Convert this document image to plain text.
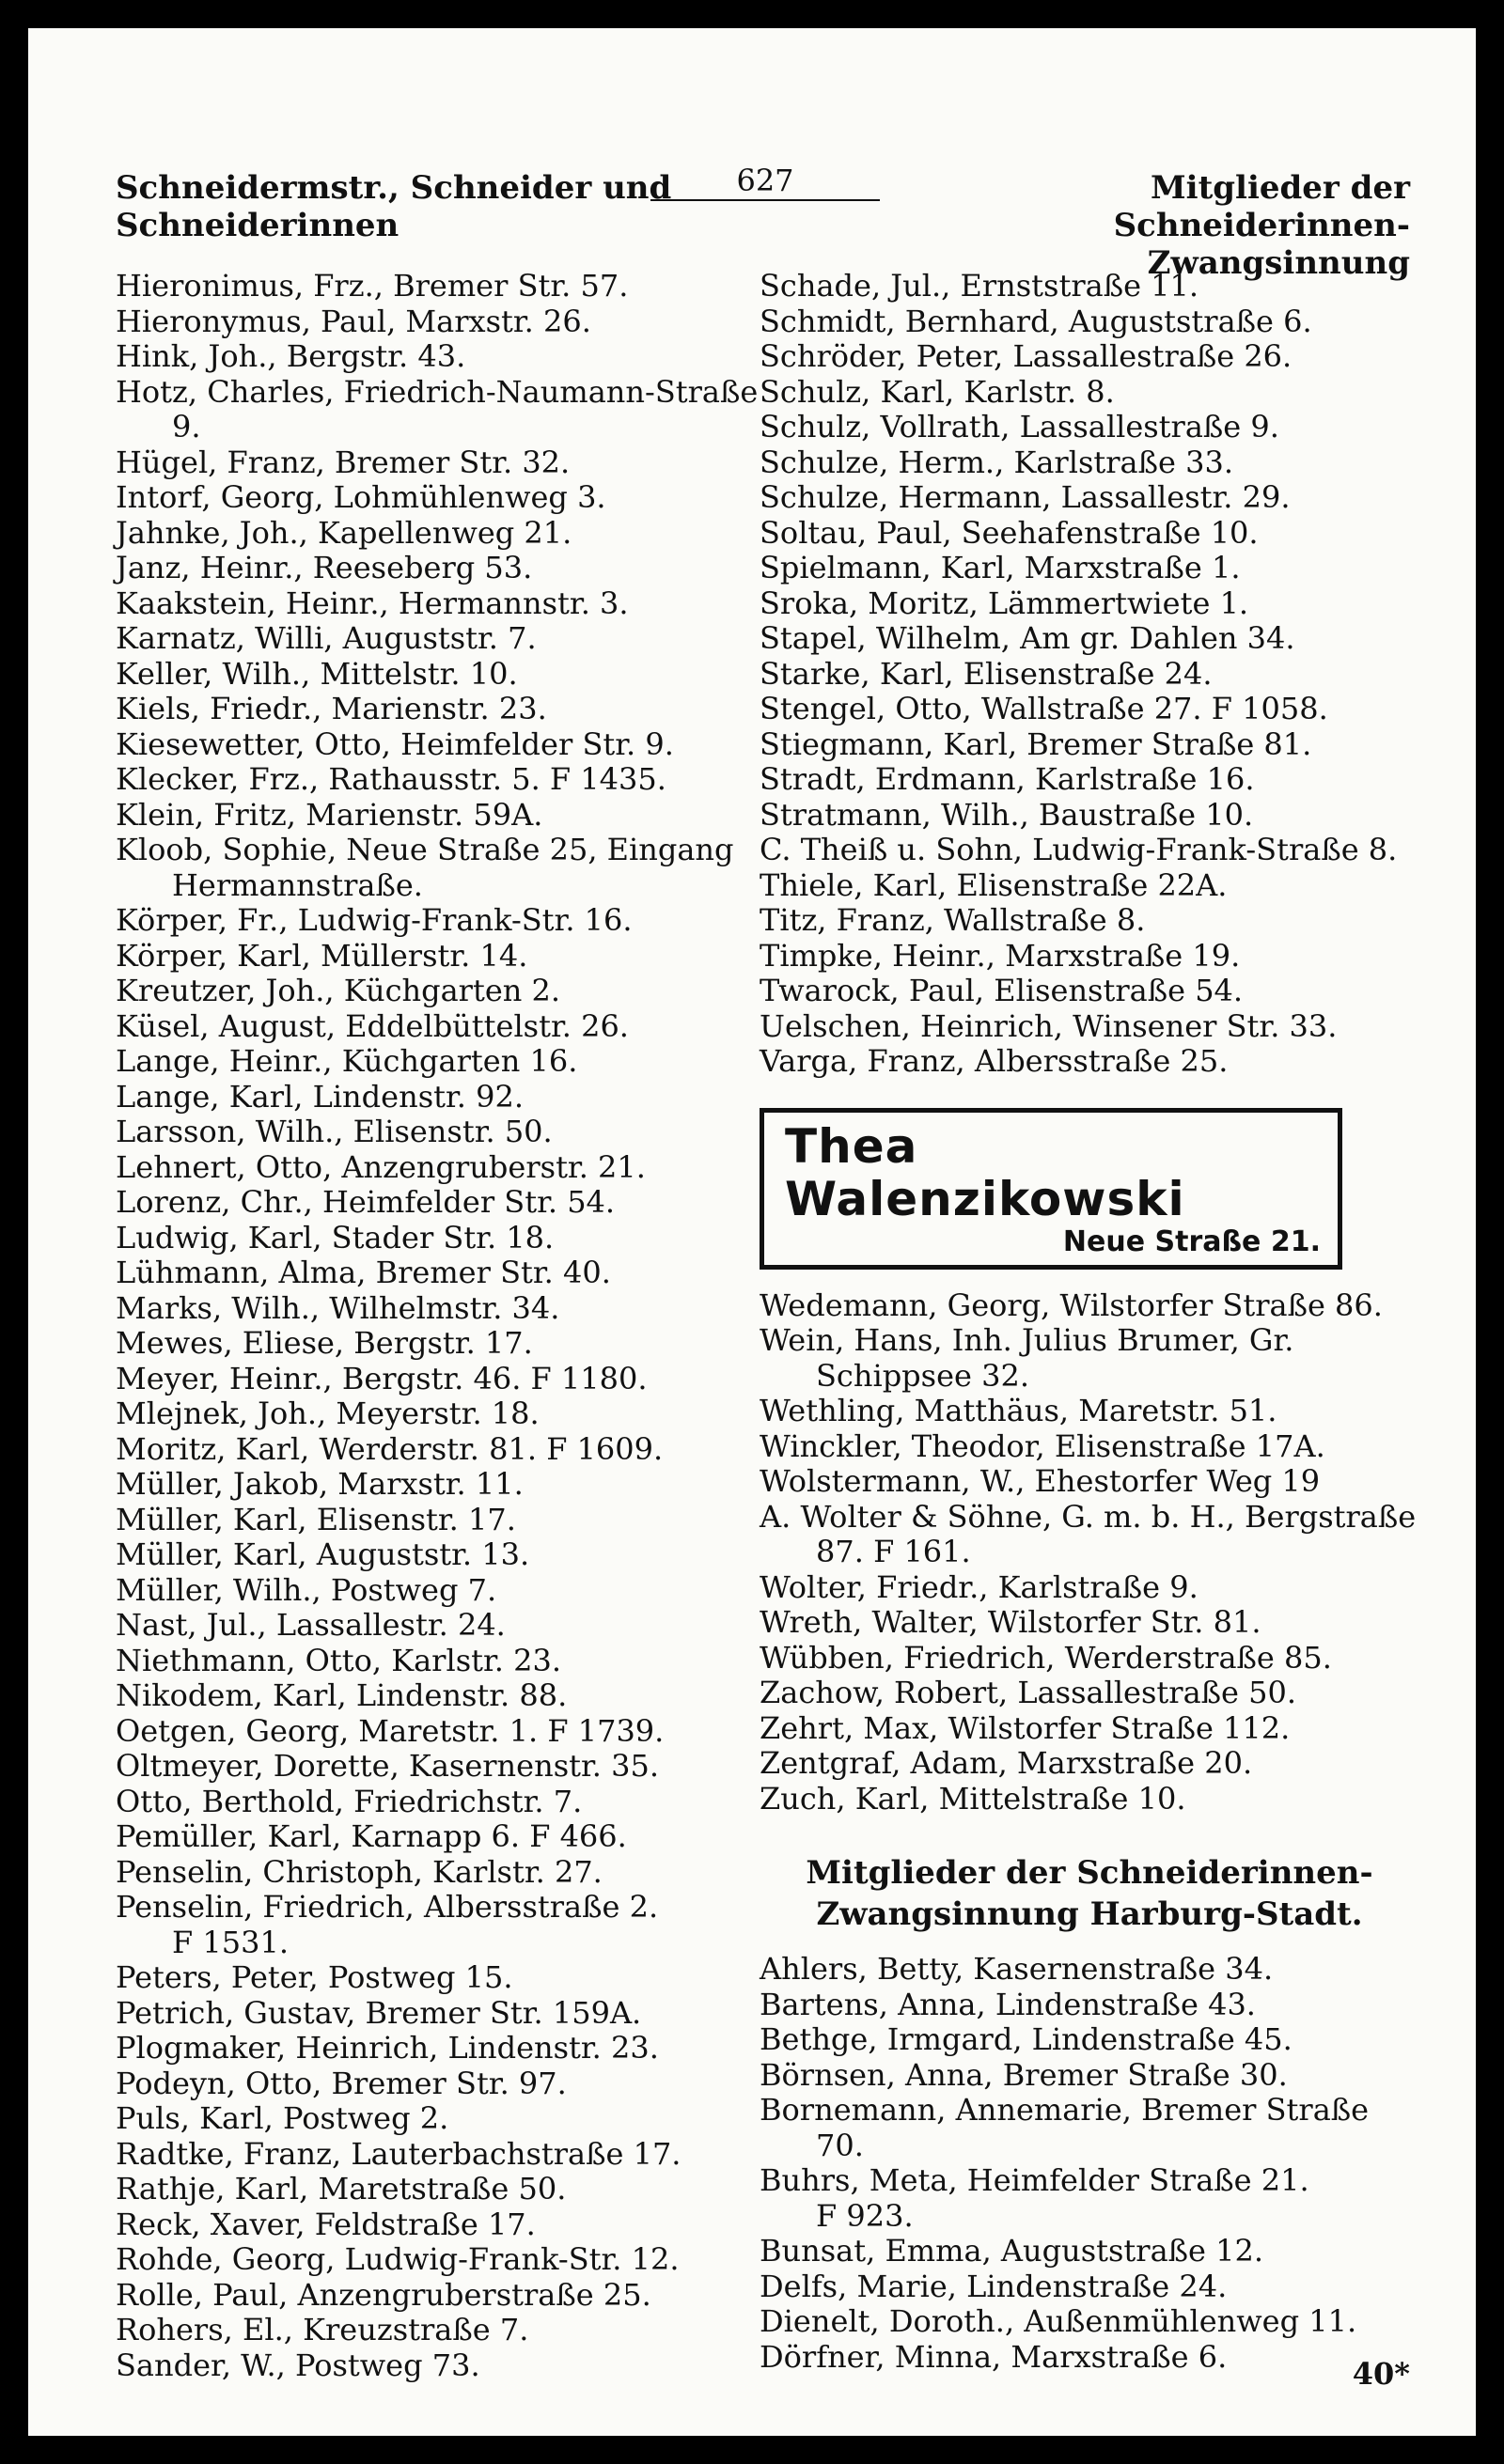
Schneidermstr., Schneider und Schneiderinnen
627	Mitglieder der Schneiderinnen-Zwangsinnung
Hieronimus, Frz., Bremer Str. 57.
Hieronymus, Paul, Marxstr. 26.
Hink, Joh., Bergstr. 43.
Hotz, Charles, Friedrich-Naumann-Straße 9.
Hügel, Franz, Bremer Str. 32.
Intorf, Georg, Lohmühlenweg 3.
Jahnke, Joh., Kapellenweg 21.
Janz, Heinr., Reeseberg 53.
Kaakstein, Heinr., Hermannstr. 3.
Karnatz, Willi, Auguststr. 7.
Keller, Wilh., Mittelstr. 10.
Kiels, Friedr., Marienstr. 23.
Kiesewetter, Otto, Heimfelder Str. 9.
Klecker, Frz., Rathausstr. 5. F 1435.
Klein, Fritz, Marienstr. 59A.
Kloob, Sophie, Neue Straße 25, Eingang Hermannstraße.
Körper, Fr., Ludwig-Frank-Str. 16.
Körper, Karl, Müllerstr. 14.
Kreutzer, Joh., Küchgarten 2.
Küsel, August, Eddelbüttelstr. 26.
Lange, Heinr., Küchgarten 16.
Lange, Karl, Lindenstr. 92.
Larsson, Wilh., Elisenstr. 50.
Lehnert, Otto, Anzengruberstr. 21.
Lorenz, Chr., Heimfelder Str. 54.
Ludwig, Karl, Stader Str. 18.
Lühmann, Alma, Bremer Str. 40.
Marks, Wilh., Wilhelmstr. 34.
Mewes, Eliese, Bergstr. 17.
Meyer, Heinr., Bergstr. 46. F 1180.
Mlejnek, Joh., Meyerstr. 18.
Moritz, Karl, Werderstr. 81. F 1609.
Müller, Jakob, Marxstr. 11.
Müller, Karl, Elisenstr. 17.
Müller, Karl, Auguststr. 13.
Müller, Wilh., Postweg 7.
Nast, Jul., Lassallestr. 24.
Niethmann, Otto, Karlstr. 23.
Nikodem, Karl, Lindenstr. 88.
Oetgen, Georg, Maretstr. 1. F 1739.
Oltmeyer, Dorette, Kasernenstr. 35.
Otto, Berthold, Friedrichstr. 7.
Pemüller, Karl, Karnapp 6. F 466.
Penselin, Christoph, Karlstr. 27.
Penselin, Friedrich, Albersstraße 2.
F 1531.
Peters, Peter, Postweg 15.
Petrich, Gustav, Bremer Str. 159A.
Plogmaker, Heinrich, Lindenstr. 23.
Podeyn, Otto, Bremer Str. 97.
Puls, Karl, Postweg 2.
Radtke, Franz, Lauterbachstraße 17.
Rathje, Karl, Maretstraße 50.
Reck, Xaver, Feldstraße 17.
Rohde, Georg, Ludwig-Frank-Str. 12.
Rolle, Paul, Anzengruberstraße 25.
Rohers, El., Kreuzstraße 7.
Sander, W., Postweg 73.
Schade, Jul., Ernststraße 11.
Schmidt, Bernhard, Auguststraße 6.
Schröder, Peter, Lassallestraße 26.
Schulz, Karl, Karlstr. 8.
Schulz, Vollrath, Lassallestraße 9.
Schulze, Herm., Karlstraße 33.
Schulze, Hermann, Lassallestr. 29.
Soltau, Paul, Seehafenstraße 10.
Spielmann, Karl, Marxstraße 1.
Sroka, Moritz, Lämmertwiete 1.
Stapel, Wilhelm, Am gr. Dahlen 34.
Starke, Karl, Elisenstraße 24.
Stengel, Otto, Wallstraße 27. F 1058.
Stiegmann, Karl, Bremer Straße 81.
Stradt, Erdmann, Karlstraße 16.
Stratmann, Wilh., Baustraße 10.
C. Theiß u. Sohn, Ludwig-Frank-Straße 8.
Thiele, Karl, Elisenstraße 22A.
Titz, Franz, Wallstraße 8.
Timpke, Heinr., Marxstraße 19.
Twarock, Paul, Elisenstraße 54.
Uelschen, Heinrich, Winsener Str. 33.
Varga, Franz, Albersstraße 25.
Thea Walenzikowski
Neue Straße 21.
Wedemann, Georg, Wilstorfer Straße 86.
Wein, Hans, Inh. Julius Brumer, Gr. Schippsee 32.
Wethling, Matthäus, Maretstr. 51.
Winckler, Theodor, Elisenstraße 17A.
Wolstermann, W., Ehestorfer Weg 19
A. Wolter & Söhne, G. m. b. H., Bergstraße 87. F 161.
Wolter, Friedr., Karlstraße 9.
Wreth, Walter, Wilstorfer Str. 81.
Wübben, Friedrich, Werderstraße 85.
Zachow, Robert, Lassallestraße 50.
Zehrt, Max, Wilstorfer Straße 112.
Zentgraf, Adam, Marxstraße 20.
Zuch, Karl, Mittelstraße 10.
Mitglieder der Schneiderinnen-
Zwangsinnung Harburg-Stadt.
Ahlers, Betty, Kasernenstraße 34.
Bartens, Anna, Lindenstraße 43.
Bethge, Irmgard, Lindenstraße 45.
Börnsen, Anna, Bremer Straße 30.
Bornemann, Annemarie, Bremer Straße 70.
Buhrs, Meta, Heimfelder Straße 21.
F 923.
Bunsat, Emma, Auguststraße 12.
Delfs, Marie, Lindenstraße 24.
Dienelt, Doroth., Außenmühlenweg 11.
Dörfner, Minna, Marxstraße 6.	40*
